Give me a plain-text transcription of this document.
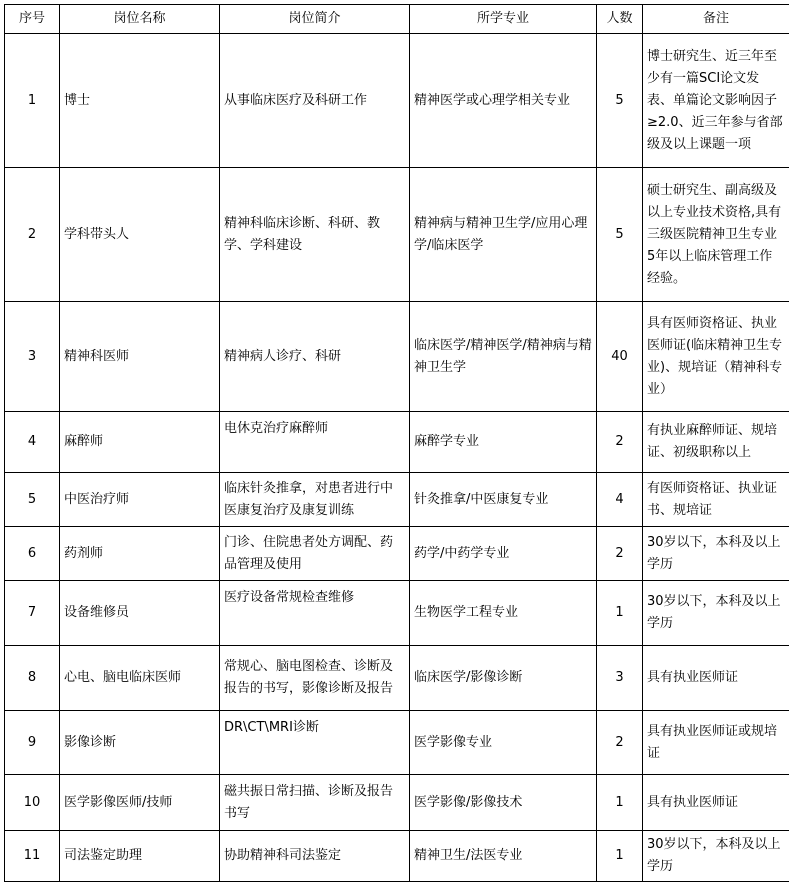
序号	岗位名称	岗位简介	所学专业	人数	备注
1	博士	从事临床医疗及科研工作	精神医学或心理学相关专业	5	博士研究生、近三年至少有一篇SCI论文发表、单篇论文影响因子≥2.0、近三年参与省部级及以上课题一项
2	学科带头人	精神科临床诊断、科研、教学、学科建设	精神病与精神卫生学/应用心理学/临床医学	5	硕士研究生、副高级及以上专业技术资格,具有三级医院精神卫生专业5年以上临床管理工作经验。
3	精神科医师	精神病人诊疗、科研	临床医学/精神医学/精神病与精神卫生学	40	具有医师资格证、执业医师证(临床精神卫生专业)、规培证（精神科专业）
4	麻醉师	电休克治疗麻醉师	麻醉学专业	2	有执业麻醉师证、规培证、初级职称以上
5	中医治疗师	临床针灸推拿，对患者进行中医康复治疗及康复训练	针灸推拿/中医康复专业	4	有医师资格证、执业证书、规培证
6	药剂师	门诊、住院患者处方调配、药品管理及使用	药学/中药学专业	2	30岁以下，本科及以上学历
7	设备维修员	医疗设备常规检查维修	生物医学工程专业	1	30岁以下，本科及以上学历
8	心电、脑电临床医师	常规心、脑电图检查、诊断及报告的书写，影像诊断及报告	临床医学/影像诊断	3	具有执业医师证
9	影像诊断	DR\CT\MRI诊断	医学影像专业	2	具有执业医师证或规培证
10	医学影像医师/技师	磁共振日常扫描、诊断及报告书写	医学影像/影像技术	1	具有执业医师证
11	司法鉴定助理	协助精神科司法鉴定	精神卫生/法医专业	1	30岁以下，本科及以上学历
